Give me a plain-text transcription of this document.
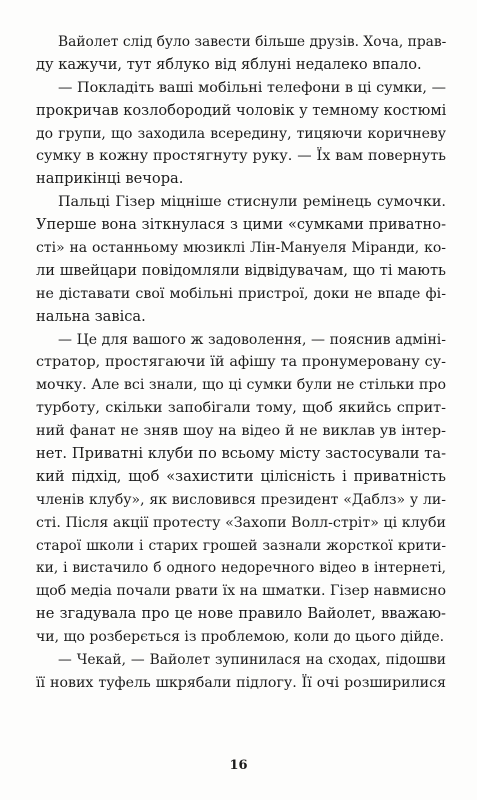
Вайолет слід було завести більше друзів. Хоча, прав-
ду кажучи, тут яблуко від яблуні недалеко впало.
— Покладіть ваші мобільні телефони в ці сумки, —
прокричав козлобородий чоловік у темному костюмі
до групи, що заходила всередину, тицяючи коричневу
сумку в кожну простягнуту руку. — Їх вам повернуть
наприкінці вечора.
Пальці Гізер міцніше стиснули ремінець сумочки.
Уперше вона зіткнулася з цими «сумками приватно-
сті» на останньому мюзиклі Лін-Мануеля Міранди, ко-
ли швейцари повідомляли відвідувачам, що ті мають
не діставати свої мобільні пристрої, доки не впаде фі-
нальна завіса.
— Це для вашого ж задоволення, — пояснив адміні-
стратор, простягаючи їй афішу та пронумеровану су-
мочку. Але всі знали, що ці сумки були не стільки про
турботу, скільки запобігали тому, щоб якийсь сприт-
ний фанат не зняв шоу на відео й не виклав ув інтер-
нет. Приватні клуби по всьому місту застосували та-
кий підхід, щоб «захистити цілісність і приватність
членів клубу», як висловився президент «Даблз» у ли-
сті. Після акції протесту «Захопи Волл-стріт» ці клуби
старої школи і старих грошей зазнали жорсткої крити-
ки, і вистачило б одного недоречного відео в інтернеті,
щоб медіа почали рвати їх на шматки. Гізер навмисно
не згадувала про це нове правило Вайолет, вважаю-
чи, що розберється із проблемою, коли до цього дійде.
— Чекай, — Вайолет зупинилася на сходах, підошви
її нових туфель шкрябали підлогу. Її очі розширилися
16
